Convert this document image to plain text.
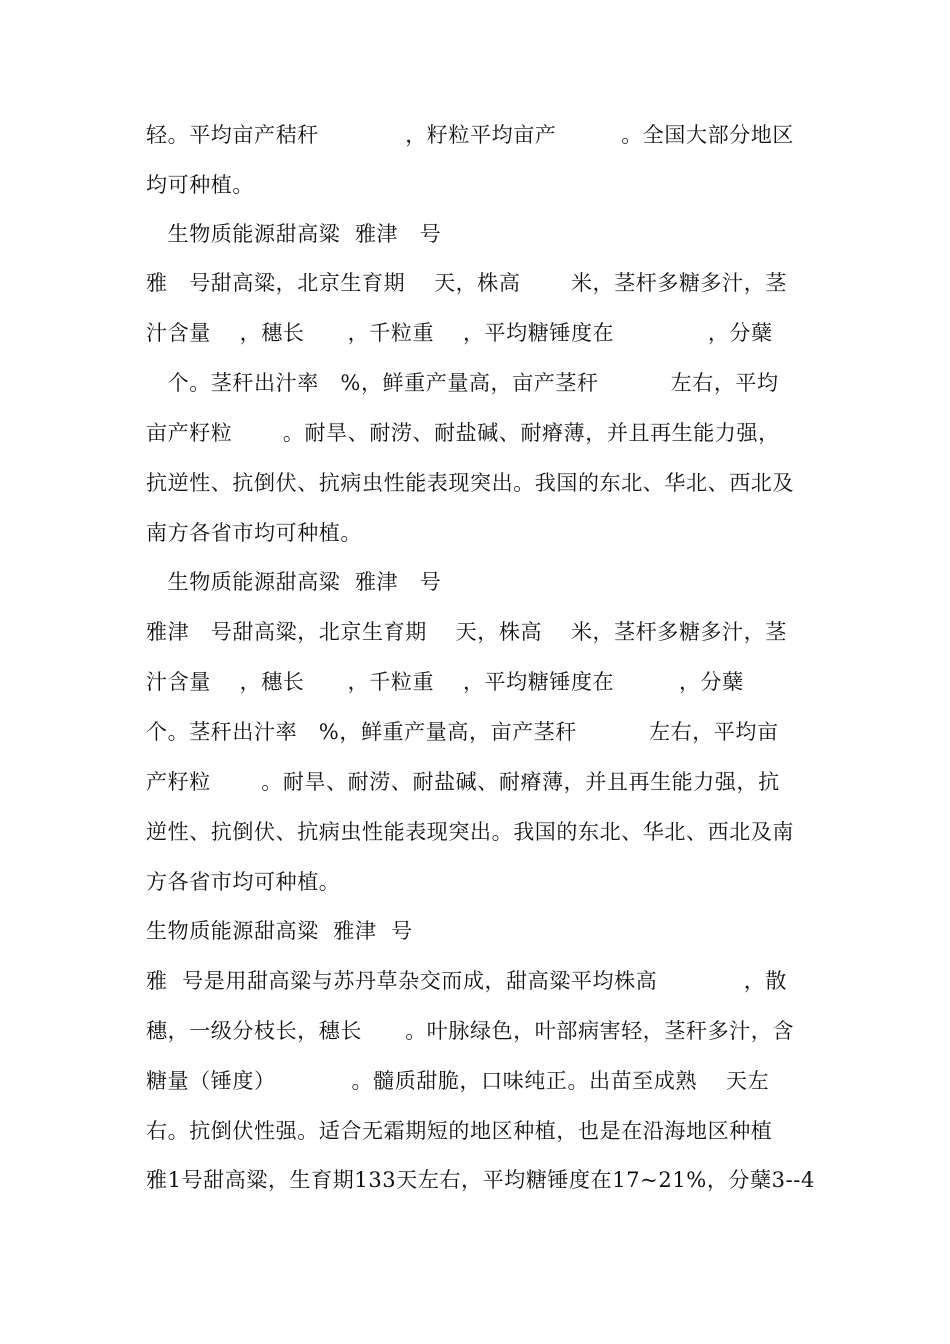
轻。平均亩产秸秆　　　　，籽粒平均亩产　　　。全国大部分地区
均可种植。
　生物质能源甜高粱  雅津　号
雅　号甜高粱，北京生育期　 天，株高　　 米，茎杆多糖多汁，茎
汁含量　 ，穗长　　，千粒重　 ，平均糖锤度在　　　　 ，分蘖
　个。茎秆出汁率　%，鲜重产量高，亩产茎秆　　　 左右，平均
亩产籽粒　　 。耐旱、耐涝、耐盐碱、耐瘠薄，并且再生能力强，
抗逆性、抗倒伏、抗病虫性能表现突出。我国的东北、华北、西北及
南方各省市均可种植。
　生物质能源甜高粱  雅津　号
雅津　号甜高粱，北京生育期　 天，株高　 米，茎杆多糖多汁，茎
汁含量　 ，穗长　　，千粒重　 ，平均糖锤度在　　　，分蘖
个。茎秆出汁率　%，鲜重产量高，亩产茎秆　　　 左右，平均亩
产籽粒　　 。耐旱、耐涝、耐盐碱、耐瘠薄，并且再生能力强，抗
逆性、抗倒伏、抗病虫性能表现突出。我国的东北、华北、西北及南
方各省市均可种植。
生物质能源甜高粱  雅津  号
雅  号是用甜高粱与苏丹草杂交而成，甜高粱平均株高　　　　，散
穗，一级分枝长，穗长　　。叶脉绿色，叶部病害轻，茎秆多汁，含
糖量（锤度）　　　　。髓质甜脆，口味纯正。出苗至成熟　 天左
右。抗倒伏性强。适合无霜期短的地区种植，也是在沿海地区种植
雅1号甜高粱，生育期133天左右，平均糖锤度在17~21%，分蘖3--4
